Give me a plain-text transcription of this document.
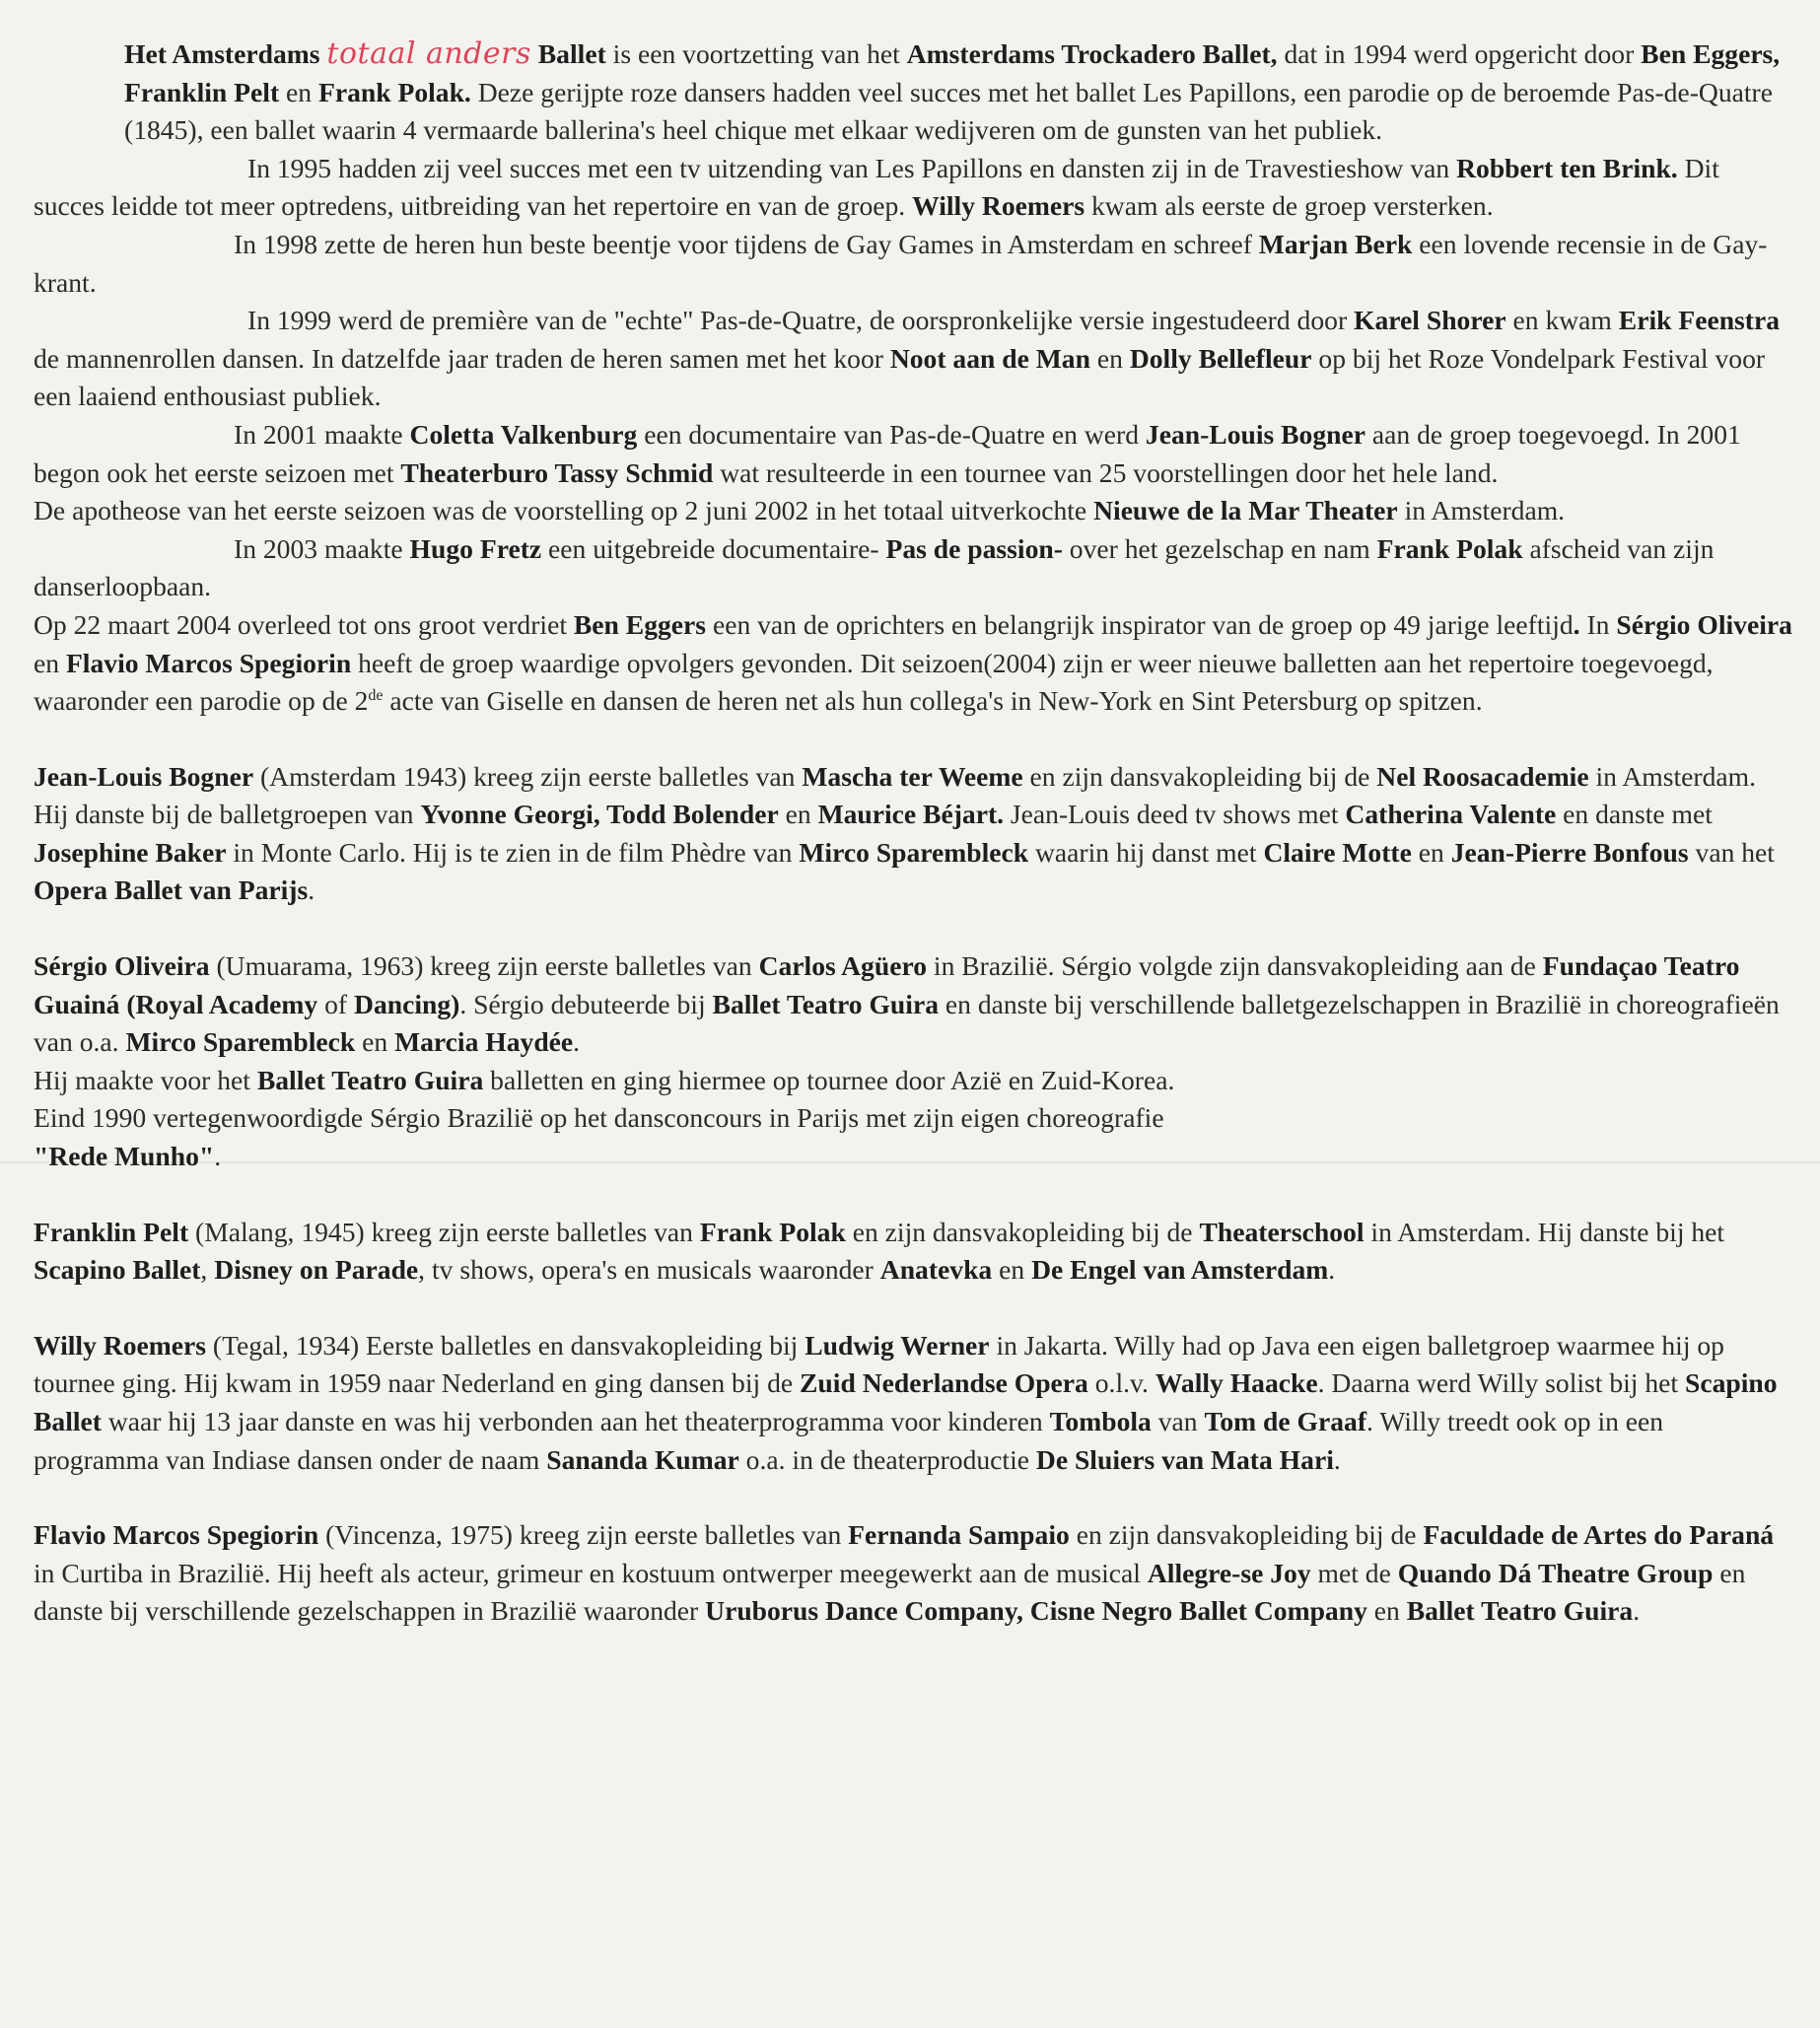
Het Amsterdams totaal anders Ballet is een voortzetting van het Amsterdams Trockadero Ballet, dat in 1994 werd opgericht door Ben Eggers, Franklin Pelt en Frank Polak. Deze gerijpte roze dansers hadden veel succes met het ballet Les Papillons, een parodie op de beroemde Pas-de-Quatre (1845), een ballet waarin 4 vermaarde ballerina's heel chique met elkaar wedijveren om de gunsten van het publiek.

In 1995 hadden zij veel succes met een tv uitzending van Les Papillons en dansten zij in de Travestieshow van Robbert ten Brink. Dit succes leidde tot meer optredens, uitbreiding van het repertoire en van de groep. Willy Roemers kwam als eerste de groep versterken.

In 1998 zette de heren hun beste beentje voor tijdens de Gay Games in Amsterdam en schreef Marjan Berk een lovende recensie in de Gay-krant.

In 1999 werd de première van de "echte" Pas-de-Quatre, de oorspronkelijke versie ingestudeerd door Karel Shorer en kwam Erik Feenstra de mannenrollen dansen. In datzelfde jaar traden de heren samen met het koor Noot aan de Man en Dolly Bellefleur op bij het Roze Vondelpark Festival voor een laaiend enthousiast publiek.

In 2001 maakte Coletta Valkenburg een documentaire van Pas-de-Quatre en werd Jean-Louis Bogner aan de groep toegevoegd. In 2001 begon ook het eerste seizoen met Theaterburo Tassy Schmid wat resulteerde in een tournee van 25 voorstellingen door het hele land.

De apotheose van het eerste seizoen was de voorstelling op 2 juni 2002 in het totaal uitverkochte Nieuwe de la Mar Theater in Amsterdam.

In 2003 maakte Hugo Fretz een uitgebreide documentaire- Pas de passion- over het gezelschap en nam Frank Polak afscheid van zijn danserloopbaan.

Op 22 maart 2004 overleed tot ons groot verdriet Ben Eggers een van de oprichters en belangrijk inspirator van de groep op 49 jarige leeftijd. In Sérgio Oliveira en Flavio Marcos Spegiorin heeft de groep waardige opvolgers gevonden. Dit seizoen(2004) zijn er weer nieuwe balletten aan het repertoire toegevoegd, waaronder een parodie op de 2de acte van Giselle en dansen de heren net als hun collega's in New-York en Sint Petersburg op spitzen.

Jean-Louis Bogner (Amsterdam 1943) kreeg zijn eerste balletles van Mascha ter Weeme en zijn dansvakopleiding bij de Nel Roosacademie in Amsterdam. Hij danste bij de balletgroepen van Yvonne Georgi, Todd Bolender en Maurice Béjart. Jean-Louis deed tv shows met Catherina Valente en danste met Josephine Baker in Monte Carlo. Hij is te zien in de film Phèdre van Mirco Sparembleck waarin hij danst met Claire Motte en Jean-Pierre Bonfous van het Opera Ballet van Parijs.

Sérgio Oliveira (Umuarama, 1963) kreeg zijn eerste balletles van Carlos Agüero in Brazilië. Sérgio volgde zijn dansvakopleiding aan de Fundaçao Teatro Guainá (Royal Academy of Dancing). Sérgio debuteerde bij Ballet Teatro Guira en danste bij verschillende balletgezelschappen in Brazilië in choreografieën van o.a. Mirco Sparembleck en Marcia Haydée.

Hij maakte voor het Ballet Teatro Guira balletten en ging hiermee op tournee door Azië en Zuid-Korea.

Eind 1990 vertegenwoordigde Sérgio Brazilië op het dansconcours in Parijs met zijn eigen choreografie

"Rede Munho".

Franklin Pelt (Malang, 1945) kreeg zijn eerste balletles van Frank Polak en zijn dansvakopleiding bij de Theaterschool in Amsterdam. Hij danste bij het Scapino Ballet, Disney on Parade, tv shows, opera's en musicals waaronder Anatevka en De Engel van Amsterdam.

Willy Roemers (Tegal, 1934) Eerste balletles en dansvakopleiding bij Ludwig Werner in Jakarta. Willy had op Java een eigen balletgroep waarmee hij op tournee ging. Hij kwam in 1959 naar Nederland en ging dansen bij de Zuid Nederlandse Opera o.l.v. Wally Haacke. Daarna werd Willy solist bij het Scapino Ballet waar hij 13 jaar danste en was hij verbonden aan het theaterprogramma voor kinderen Tombola van Tom de Graaf. Willy treedt ook op in een programma van Indiase dansen onder de naam Sananda Kumar o.a. in de theaterproductie De Sluiers van Mata Hari.

Flavio Marcos Spegiorin (Vincenza, 1975) kreeg zijn eerste balletles van Fernanda Sampaio en zijn dansvakopleiding bij de Faculdade de Artes do Paraná in Curtiba in Brazilië. Hij heeft als acteur, grimeur en kostuum ontwerper meegewerkt aan de musical Allegre-se Joy met de Quando Dá Theatre Group en danste bij verschillende gezelschappen in Brazilië waaronder Uruborus Dance Company, Cisne Negro Ballet Company en Ballet Teatro Guira.
